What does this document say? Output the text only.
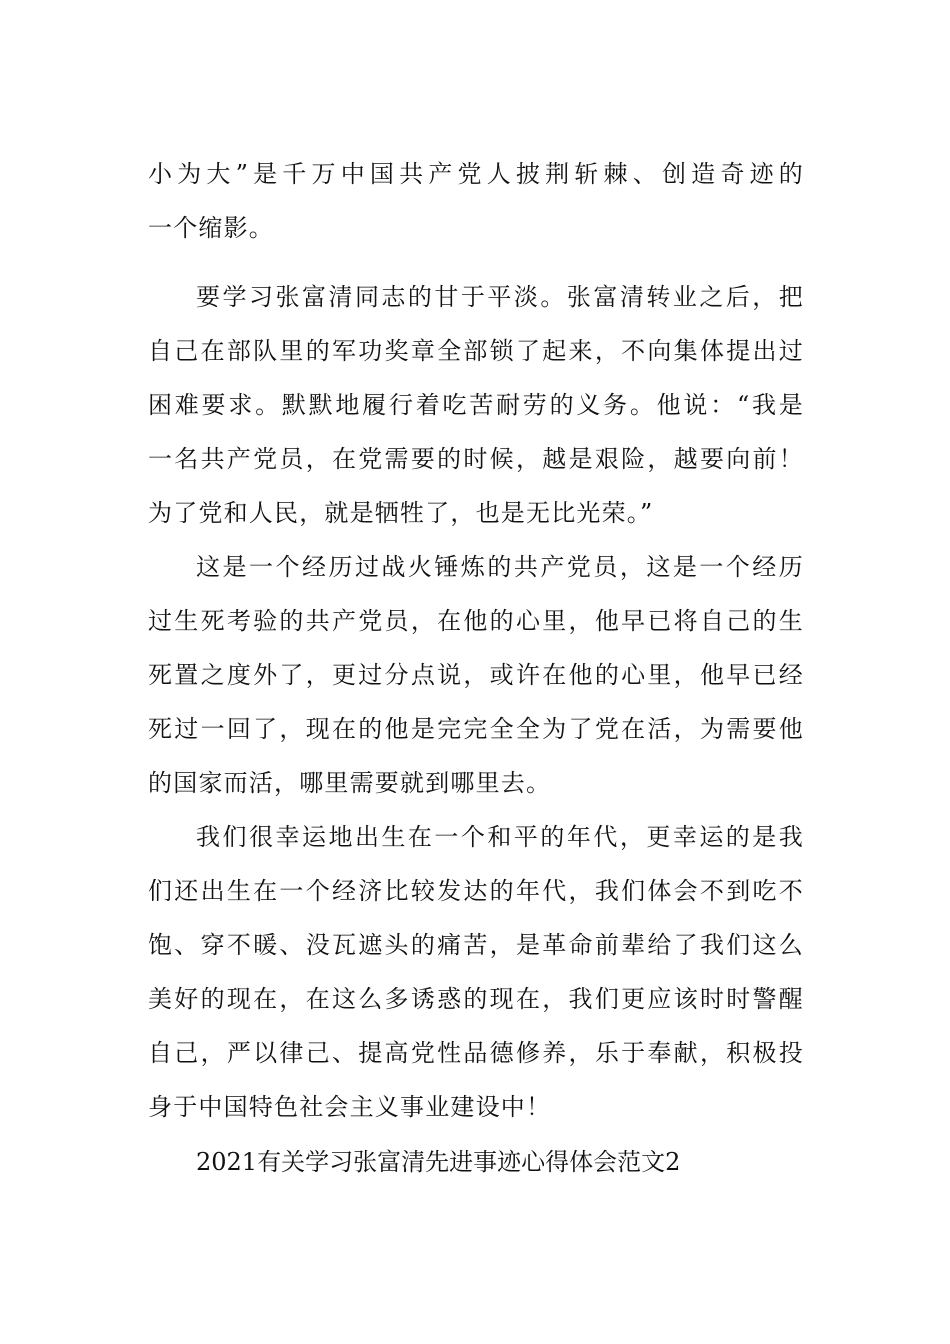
小为大”是千万中国共产党人披荆斩棘、创造奇迹的
一个缩影。
要学习张富清同志的甘于平淡。张富清转业之后，把
自己在部队里的军功奖章全部锁了起来，不向集体提出过
困难要求。默默地履行着吃苦耐劳的义务。他说：“我是
一名共产党员，在党需要的时候，越是艰险，越要向前！
为了党和人民，就是牺牲了，也是无比光荣。”
这是一个经历过战火锤炼的共产党员，这是一个经历
过生死考验的共产党员，在他的心里，他早已将自己的生
死置之度外了，更过分点说，或许在他的心里，他早已经
死过一回了，现在的他是完完全全为了党在活，为需要他
的国家而活，哪里需要就到哪里去。
我们很幸运地出生在一个和平的年代，更幸运的是我
们还出生在一个经济比较发达的年代，我们体会不到吃不
饱、穿不暖、没瓦遮头的痛苦，是革命前辈给了我们这么
美好的现在，在这么多诱惑的现在，我们更应该时时警醒
自己，严以律己、提高党性品德修养，乐于奉献，积极投
身于中国特色社会主义事业建设中！
2021有关学习张富清先进事迹心得体会范文2
